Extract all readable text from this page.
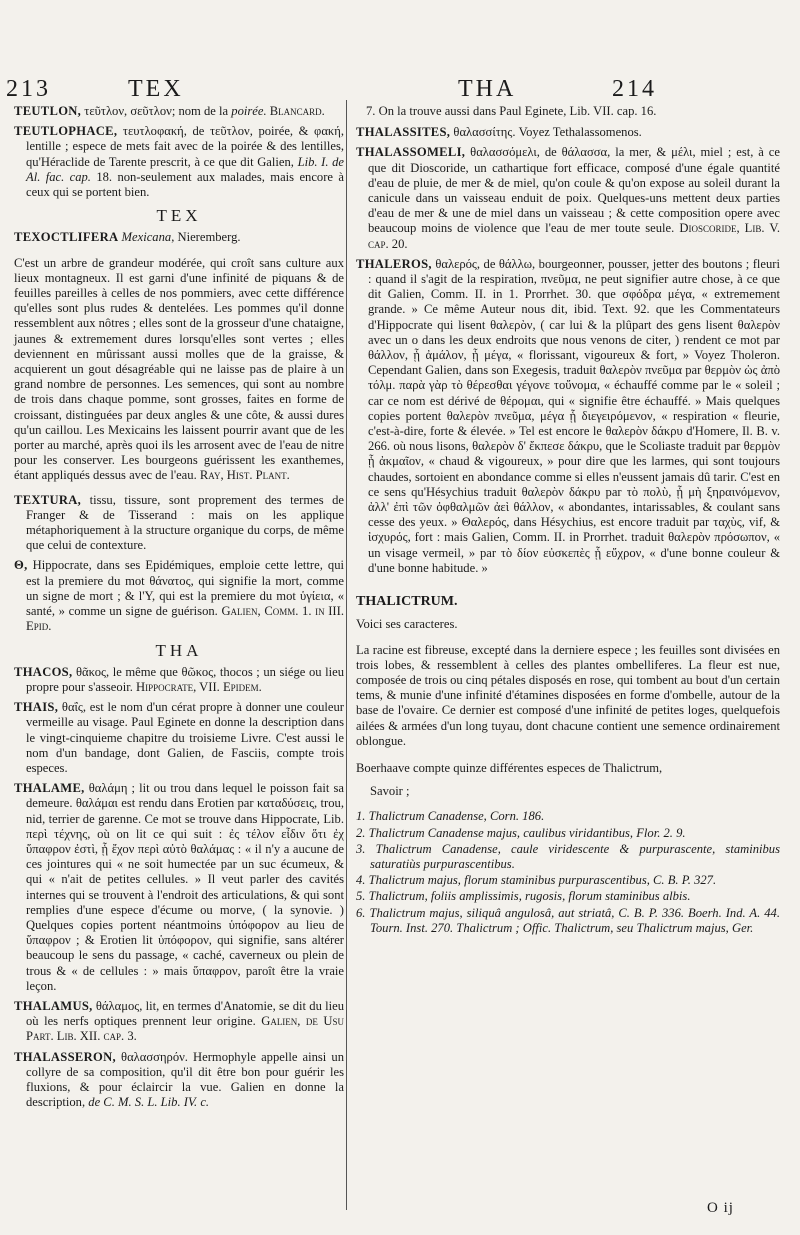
213	TEX	THA	214

TEUTLON, τεῦτλον, σεῦτλον; nom de la poirée. Blancard.

TEUTLOPHACE, τευτλοφακή, de τεῦτλον, poirée, & φακή, lentille ; espece de mets fait avec de la poirée & des lentilles, qu'Héraclide de Tarente prescrit, à ce que dit Galien, Lib. I. de Al. fac. cap. 18. non-seulement aux malades, mais encore à ceux qui se portent bien.

TEX

TEXOCTLIFERA Mexicana, Nieremberg.

C'est un arbre de grandeur modérée, qui croît sans culture aux lieux montagneux. Il est garni d'une infinité de piquans & de feuilles pareilles à celles de nos pommiers, avec cette différence qu'elles sont plus rudes & dentelées. Les pommes qu'il donne ressemblent aux nôtres ; elles sont de la grosseur d'une chataigne, jaunes & extremement dures lorsqu'elles sont vertes ; elles deviennent en mûrissant aussi molles que de la graisse, & acquierent un gout désagréable qui ne laisse pas de plaire à un grand nombre de personnes. Les semences, qui sont au nombre de trois dans chaque pomme, sont grosses, faites en forme de croissant, distinguées par deux angles & une côte, & aussi dures qu'un caillou. Les Mexicains les laissent pourrir avant que de les porter au marché, après quoi ils les arrosent avec de l'eau de nitre pour les conserver. Les bourgeons guérissent les exanthemes, étant appliqués dessus avec de l'eau. Ray, Hist. Plant.

TEXTURA, tissu, tissure, sont proprement des termes de Franger & de Tisserand : mais on les applique métaphoriquement à la structure organique du corps, de même que celui de contexture.

Θ, Hippocrate, dans ses Epidémiques, emploie cette lettre, qui est la premiere du mot θάνατος, qui signifie la mort, comme un signe de mort ; & l'Υ, qui est la premiere du mot ὑγίεια, « santé, » comme un signe de guérison. Galien, Comm. 1. in III. Epid.

THA

THACOS, θᾶκος, le même que θῶκος, thocos ; un siége ou lieu propre pour s'asseoir. Hippocrate, VII. Epidem.

THAIS, θαΐς, est le nom d'un cérat propre à donner une couleur vermeille au visage. Paul Eginete en donne la description dans le vingt-cinquieme chapitre du troisieme Livre. C'est aussi le nom d'un bandage, dont Galien, de Fasciis, compte trois especes.

THALAME, θαλάμη ; lit ou trou dans lequel le poisson fait sa demeure. θαλάμαι est rendu dans Erotien par καταδύσεις, trou, nid, terrier de garenne. Ce mot se trouve dans Hippocrate, Lib. περὶ τέχνης, où on lit ce qui suit : ἐς τέλον εἶδιν ὅτι ἐχ ὕπαφρον ἐστὶ, ᾗ ἔχον περὶ αὐτὸ θαλάμας : « il n'y a aucune de ces jointures qui « ne soit humectée par un suc écumeux, & qui « n'ait de petites cellules. » Il veut parler des cavités internes qui se trouvent à l'endroit des articulations, & qui sont remplies d'une espece d'écume ou morve, ( la synovie. ) Quelques copies portent néantmoins ὑπόφορον au lieu de ὕπαφρον ; & Erotien lit ὑπόφορον, qui signifie, sans altérer beaucoup le sens du passage, « caché, caverneux ou plein de trous & « de cellules : » mais ὕπαφρον, paroît être la vraie leçon.

THALAMUS, θάλαμος, lit, en termes d'Anatomie, se dit du lieu où les nerfs optiques prennent leur origine. Galien, de Usu Part. Lib. XII. cap. 3.

THALASSERON, θαλασσηρόν. Hermophyle appelle ainsi un collyre de sa composition, qu'il dit être bon pour guérir les fluxions, & pour éclaircir la vue. Galien en donne la description, de C. M. S. L. Lib. IV. c.

7. On la trouve aussi dans Paul Eginete, Lib. VII. cap. 16.

THALASSITES, θαλασσίτης. Voyez Tethalassomenos.

THALASSOMELI, θαλασσόμελι, de θάλασσα, la mer, & μέλι, miel ; est, à ce que dit Dioscoride, un cathartique fort efficace, composé d'une égale quantité d'eau de pluie, de mer & de miel, qu'on coule & qu'on expose au soleil durant la canicule dans un vaisseau enduit de poix. Quelques-uns mettent deux parties d'eau de mer & une de miel dans un vaisseau ; & cette composition opere avec beaucoup moins de violence que l'eau de mer toute seule. Dioscoride, Lib. V. cap. 20.

THALEROS, θαλερός, de θάλλω, bourgeonner, pousser, jetter des boutons ; fleuri : quand il s'agit de la respiration, πνεῦμα, ne peut signifier autre chose, à ce que dit Galien, Comm. II. in 1. Prorrhet. 30. que σφόδρα μέγα, « extremement grande. » Ce même Auteur nous dit, ibid. Text. 92. que les Commentateurs d'Hippocrate qui lisent θαλερὸν, ( car lui & la plûpart des gens lisent θαλερὸν avec un ο dans les deux endroits que nous venons de citer, ) rendent ce mot par θάλλον, ᾗ ἀμάλον, ᾗ μέγα, « florissant, vigoureux & fort, » Voyez Tholeron. Cependant Galien, dans son Exegesis, traduit θαλερὸν πνεῦμα par θερμὸν ὡς ἀπὸ τόλμ. παρὰ γὰρ τὸ θέρεσθαι γέγονε τοὔνομα, « échauffé comme par le « soleil ; car ce nom est dérivé de θέρομαι, qui « signifie être échauffé. » Mais quelques copies portent θαλερὸν πνεῦμα, μέγα ᾗ διεγειρόμενον, « respiration « fleurie, c'est-à-dire, forte & élevée. » Tel est encore le θαλερὸν δάκρυ d'Homere, Il. B. v. 266. où nous lisons, θαλερὸν δ' ἔκπεσε δάκρυ, que le Scoliaste traduit par θερμὸν ᾗ ἀκμαῖον, « chaud & vigoureux, » pour dire que les larmes, qui sont toujours chaudes, sortoient en abondance comme si elles n'eussent jamais dû tarir. C'est en ce sens qu'Hésychius traduit θαλερὸν δάκρυ par τὸ πολὺ, ᾗ μὴ ξηραινόμενον, ἀλλ' ἐπὶ τῶν ὀφθαλμῶν ἀεὶ θάλλον, « abondantes, intarissables, & coulant sans cesse des yeux. » Θαλερός, dans Hésychius, est encore traduit par ταχὺς, vif, & ἰσχυρός, fort : mais Galien, Comm. II. in Prorrhet. traduit θαλερὸν πρόσωπον, « un visage vermeil, » par τὸ δίον εὐσκεπὲς ᾗ εὔχρον, « d'une bonne couleur & d'une bonne habitude. »

THALICTRUM.

Voici ses caracteres.

La racine est fibreuse, excepté dans la derniere espece ; les feuilles sont divisées en trois lobes, & ressemblent à celles des plantes ombelliferes. La fleur est nue, composée de trois ou cinq pétales disposés en rose, qui tombent au bout d'un certain tems, & munie d'une infinité d'étamines disposées en forme d'ombelle, autour de la base de l'ovaire. Ce dernier est composé d'une infinité de petites loges, quelquefois ailées & armées d'un long tuyau, dont chacune contient une semence ordinairement oblongue.

Boerhaave compte quinze différentes especes de Thalictrum,

Savoir ;

1. Thalictrum Canadense, Corn. 186.
2. Thalictrum Canadense majus, caulibus viridantibus, Flor. 2. 9.
3. Thalictrum Canadense, caule viridescente & purpurascente, staminibus saturatiùs purpurascentibus.
4. Thalictrum majus, florum staminibus purpurascentibus, C. B. P. 327.
5. Thalictrum, foliis amplissimis, rugosis, florum staminibus albis.
6. Thalictrum majus, siliquâ angulosâ, aut striatâ, C. B. P. 336. Boerh. Ind. A. 44. Tourn. Inst. 270. Thalictrum ; Offic. Thalictrum, seu Thalictrum majus, Ger.
O ij
